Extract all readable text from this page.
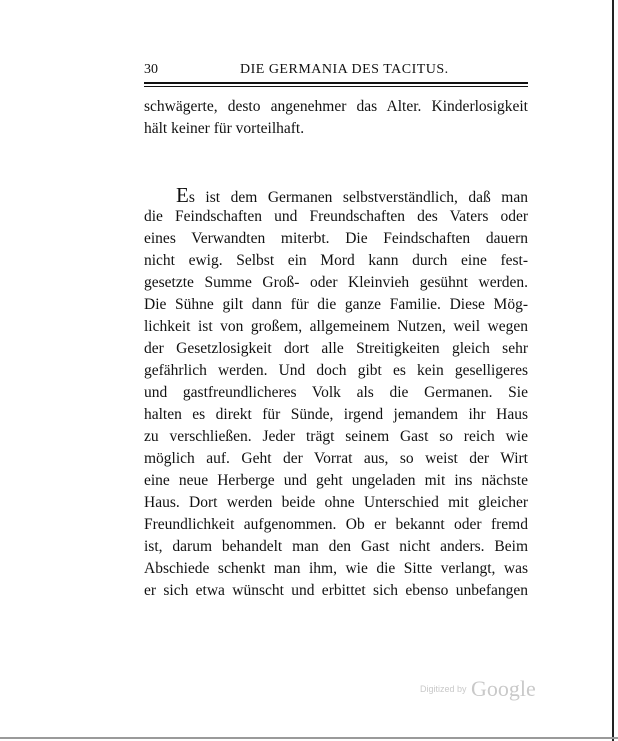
30	DIE GERMANIA DES TACITUS.
schwägerte, desto angenehmer das Alter. Kinderlosigkeit
hält keiner für vorteilhaft.
Es ist dem Germanen selbstverständlich, daß man
die Feindschaften und Freundschaften des Vaters oder
eines Verwandten miterbt. Die Feindschaften dauern
nicht ewig. Selbst ein Mord kann durch eine fest-
gesetzte Summe Groß- oder Kleinvieh gesühnt werden.
Die Sühne gilt dann für die ganze Familie. Diese Mög-
lichkeit ist von großem, allgemeinem Nutzen, weil wegen
der Gesetzlosigkeit dort alle Streitigkeiten gleich sehr
gefährlich werden. Und doch gibt es kein geselligeres
und gastfreundlicheres Volk als die Germanen. Sie
halten es direkt für Sünde, irgend jemandem ihr Haus
zu verschließen. Jeder trägt seinem Gast so reich wie
möglich auf. Geht der Vorrat aus, so weist der Wirt
eine neue Herberge und geht ungeladen mit ins nächste
Haus. Dort werden beide ohne Unterschied mit gleicher
Freundlichkeit aufgenommen. Ob er bekannt oder fremd
ist, darum behandelt man den Gast nicht anders. Beim
Abschiede schenkt man ihm, wie die Sitte verlangt, was
er sich etwa wünscht und erbittet sich ebenso unbefangen
Digitized by Google
